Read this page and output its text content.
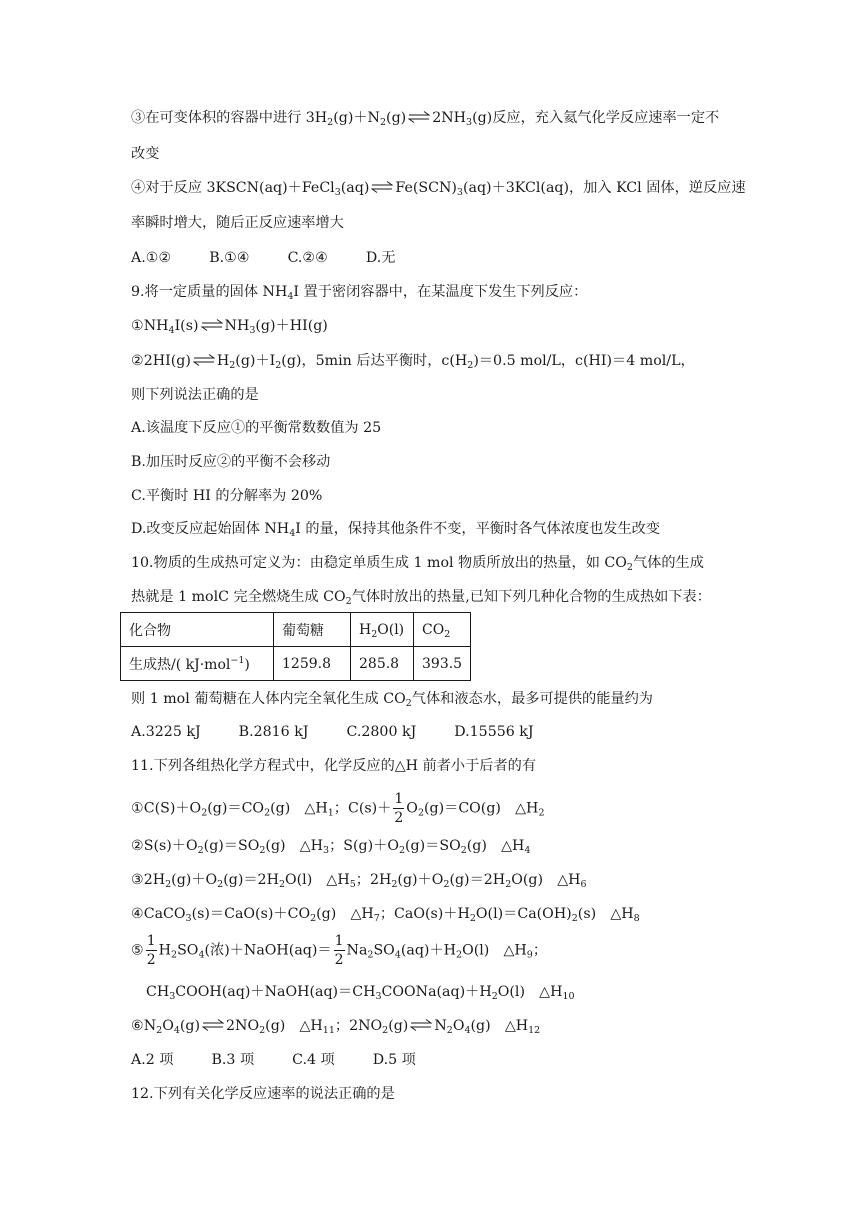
③在可变体积的容器中进行 $3H_2(g)+N_2(g)$ ⇌ $2NH_3(g)$反应，充入氦气化学反应速率一定不
改变
④对于反应 3KSCN(aq)＋FeCl$_3$(aq) ⇌ $Fe(SCN)_3(aq)+3KCl(aq)$，加入 KCl 固体，逆反应速
率瞬时增大，随后正反应速率增大
A.①②	B.①④	C.②④	D.无
9.将一定质量的固体 $NH_4I$ 置于密闭容器中，在某温度下发生下列反应：
$①NH_4I(s)$ ⇌ $NH_3(g)+HI(g)$
②2HI(g) ⇌ $H_2(g)+I_2(g)$，5min 后达平衡时，$c(H_2)=0.5$ mol/L，c(HI)＝4 mol/L，
则下列说法正确的是
A.该温度下反应①的平衡常数数值为 25
B.加压时反应②的平衡不会移动
C.平衡时 HI 的分解率为 20%
D.改变反应起始固体 $NH_4I$ 的量，保持其他条件不变，平衡时各气体浓度也发生改变
10.物质的生成热可定义为：由稳定单质生成 1 mol 物质所放出的热量，如 $CO_2$气体的生成
热就是 1 molC 完全燃烧生成 $CO_2$气体时放出的热量,已知下列几种化合物的生成热如下表：
化合物	葡萄糖	$H_2O(l)$	$CO_2$
生成热/( kJ·mol$^{-1}$)	1259.8	285.8	393.5
则 1 mol 葡萄糖在人体内完全氧化生成 $CO_2$气体和液态水，最多可提供的能量约为
A.3225 kJ	B.2816 kJ	C.2800 kJ	D.15556 kJ
11.下列各组热化学方程式中，化学反应的△H 前者小于后者的有
$①C(S)+O_2(g)=CO_2(g)$　$\triangle H_1$；$C(s)+ \frac{1}{2} O_2(g)=CO(g)$　$\triangle H_2$
$②S(s)+O_2(g)=SO_2(g)$　$\triangle H_3$；$S(g)+O_2(g)=SO_2(g)$　$\triangle H_4$
$③2H_2(g)+O_2(g)=2H_2O(l)$　$\triangle H_5$；$2H_2(g)+O_2(g)=2H_2O(g)$　$\triangle H_6$
$④CaCO_3(s)=CaO(s)+CO_2(g)$　$\triangle H_7$；$CaO(s)+H_2O(l)=Ca(OH)_2(s)$　$\triangle H_8$
⑤ $\frac{1}{2} H_2SO_4$(浓)＋NaOH(aq)＝ $\frac{1}{2} Na_2SO_4(aq)+H_2O(l)$　$\triangle H_9$；
$CH_3COOH(aq)+NaOH(aq)=CH_3COONa(aq)+H_2O(l)$　$\triangle H_{10}$
$⑥N_2O_4(g)$ ⇌ $2NO_2(g)$　$\triangle H_{11}$；$2NO_2(g)$ ⇌ $N_2O_4(g)$　$\triangle H_{12}$
A.2 项	B.3 项	C.4 项	D.5 项
12.下列有关化学反应速率的说法正确的是
